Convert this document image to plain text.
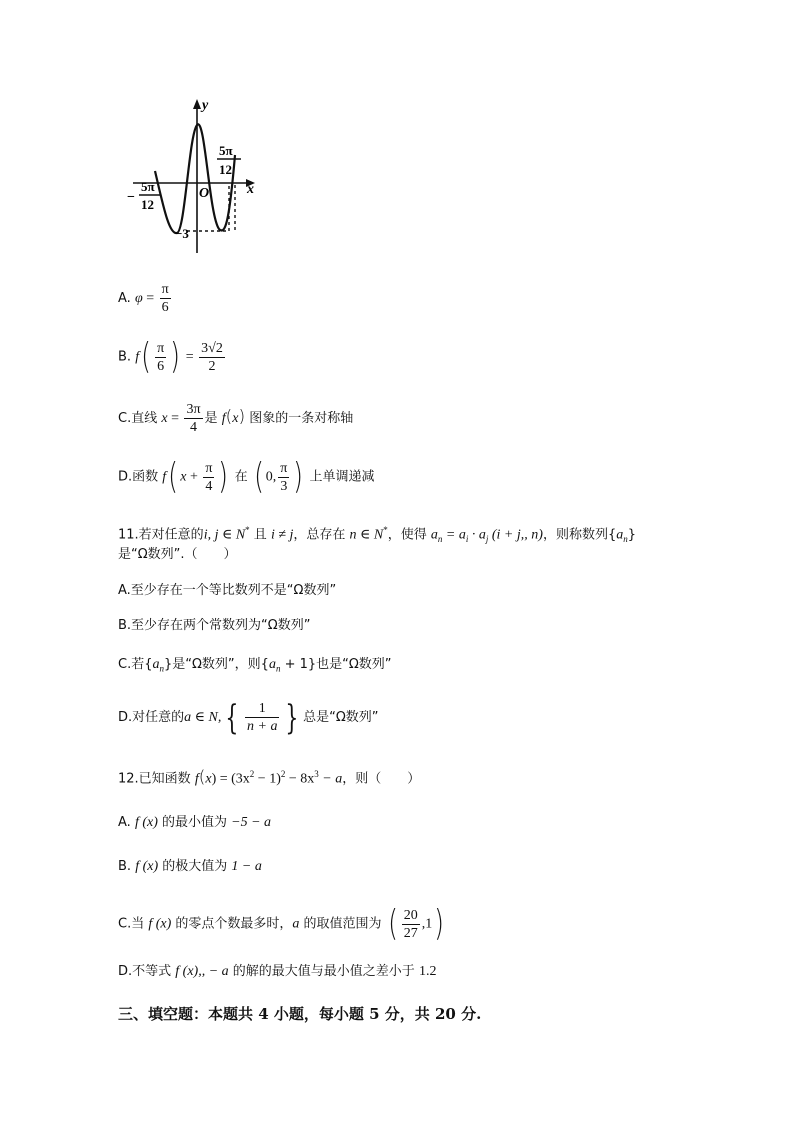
y
x
O
−
5π
12
5π
12
−3
A. $\varphi = \frac{\pi}{6}$
B. $f( \frac{\pi}{6}$ ) = $\frac{3√2}{2}$
C.直线 $x = \frac{3\pi}{4}$ 是 f(x) 图象的一条对称轴
D.函数 f( $x + \frac{\pi}{4}$ ) 在 ( 0, $\frac{\pi}{3}$ ) 上单调递减
11.若对任意的i, j ∈ N* 且 i ≠ j，总存在 n ∈ N*，使得 $a_n = a_i \cdot a_j$ (i + j,, n)，则称数列$\{a_n\}$
是“Ω数列”.（　　）
A.至少存在一个等比数列不是“Ω数列”
B.至少存在两个常数列为“Ω数列”
C.若$\{a_n\}$是“Ω数列”，则$\{a_n + 1\}$也是“Ω数列”
D.对任意的a ∈ N, { $\frac{1}{n + a}$ } 总是“Ω数列”
12.已知函数 $f(x) = (3x^2 - 1)^2 - 8x^3 - a$，则（　　）
A. f (x) 的最小值为 −5 − a
B. f (x) 的极大值为 1 − a
C.当 f (x) 的零点个数最多时，a 的取值范围为 ( $\frac{20}{27} ,1$)
D.不等式 f (x),, − a 的解的最大值与最小值之差小于 1.2
三、填空题：本题共 4 小题，每小题 5 分，共 20 分.
